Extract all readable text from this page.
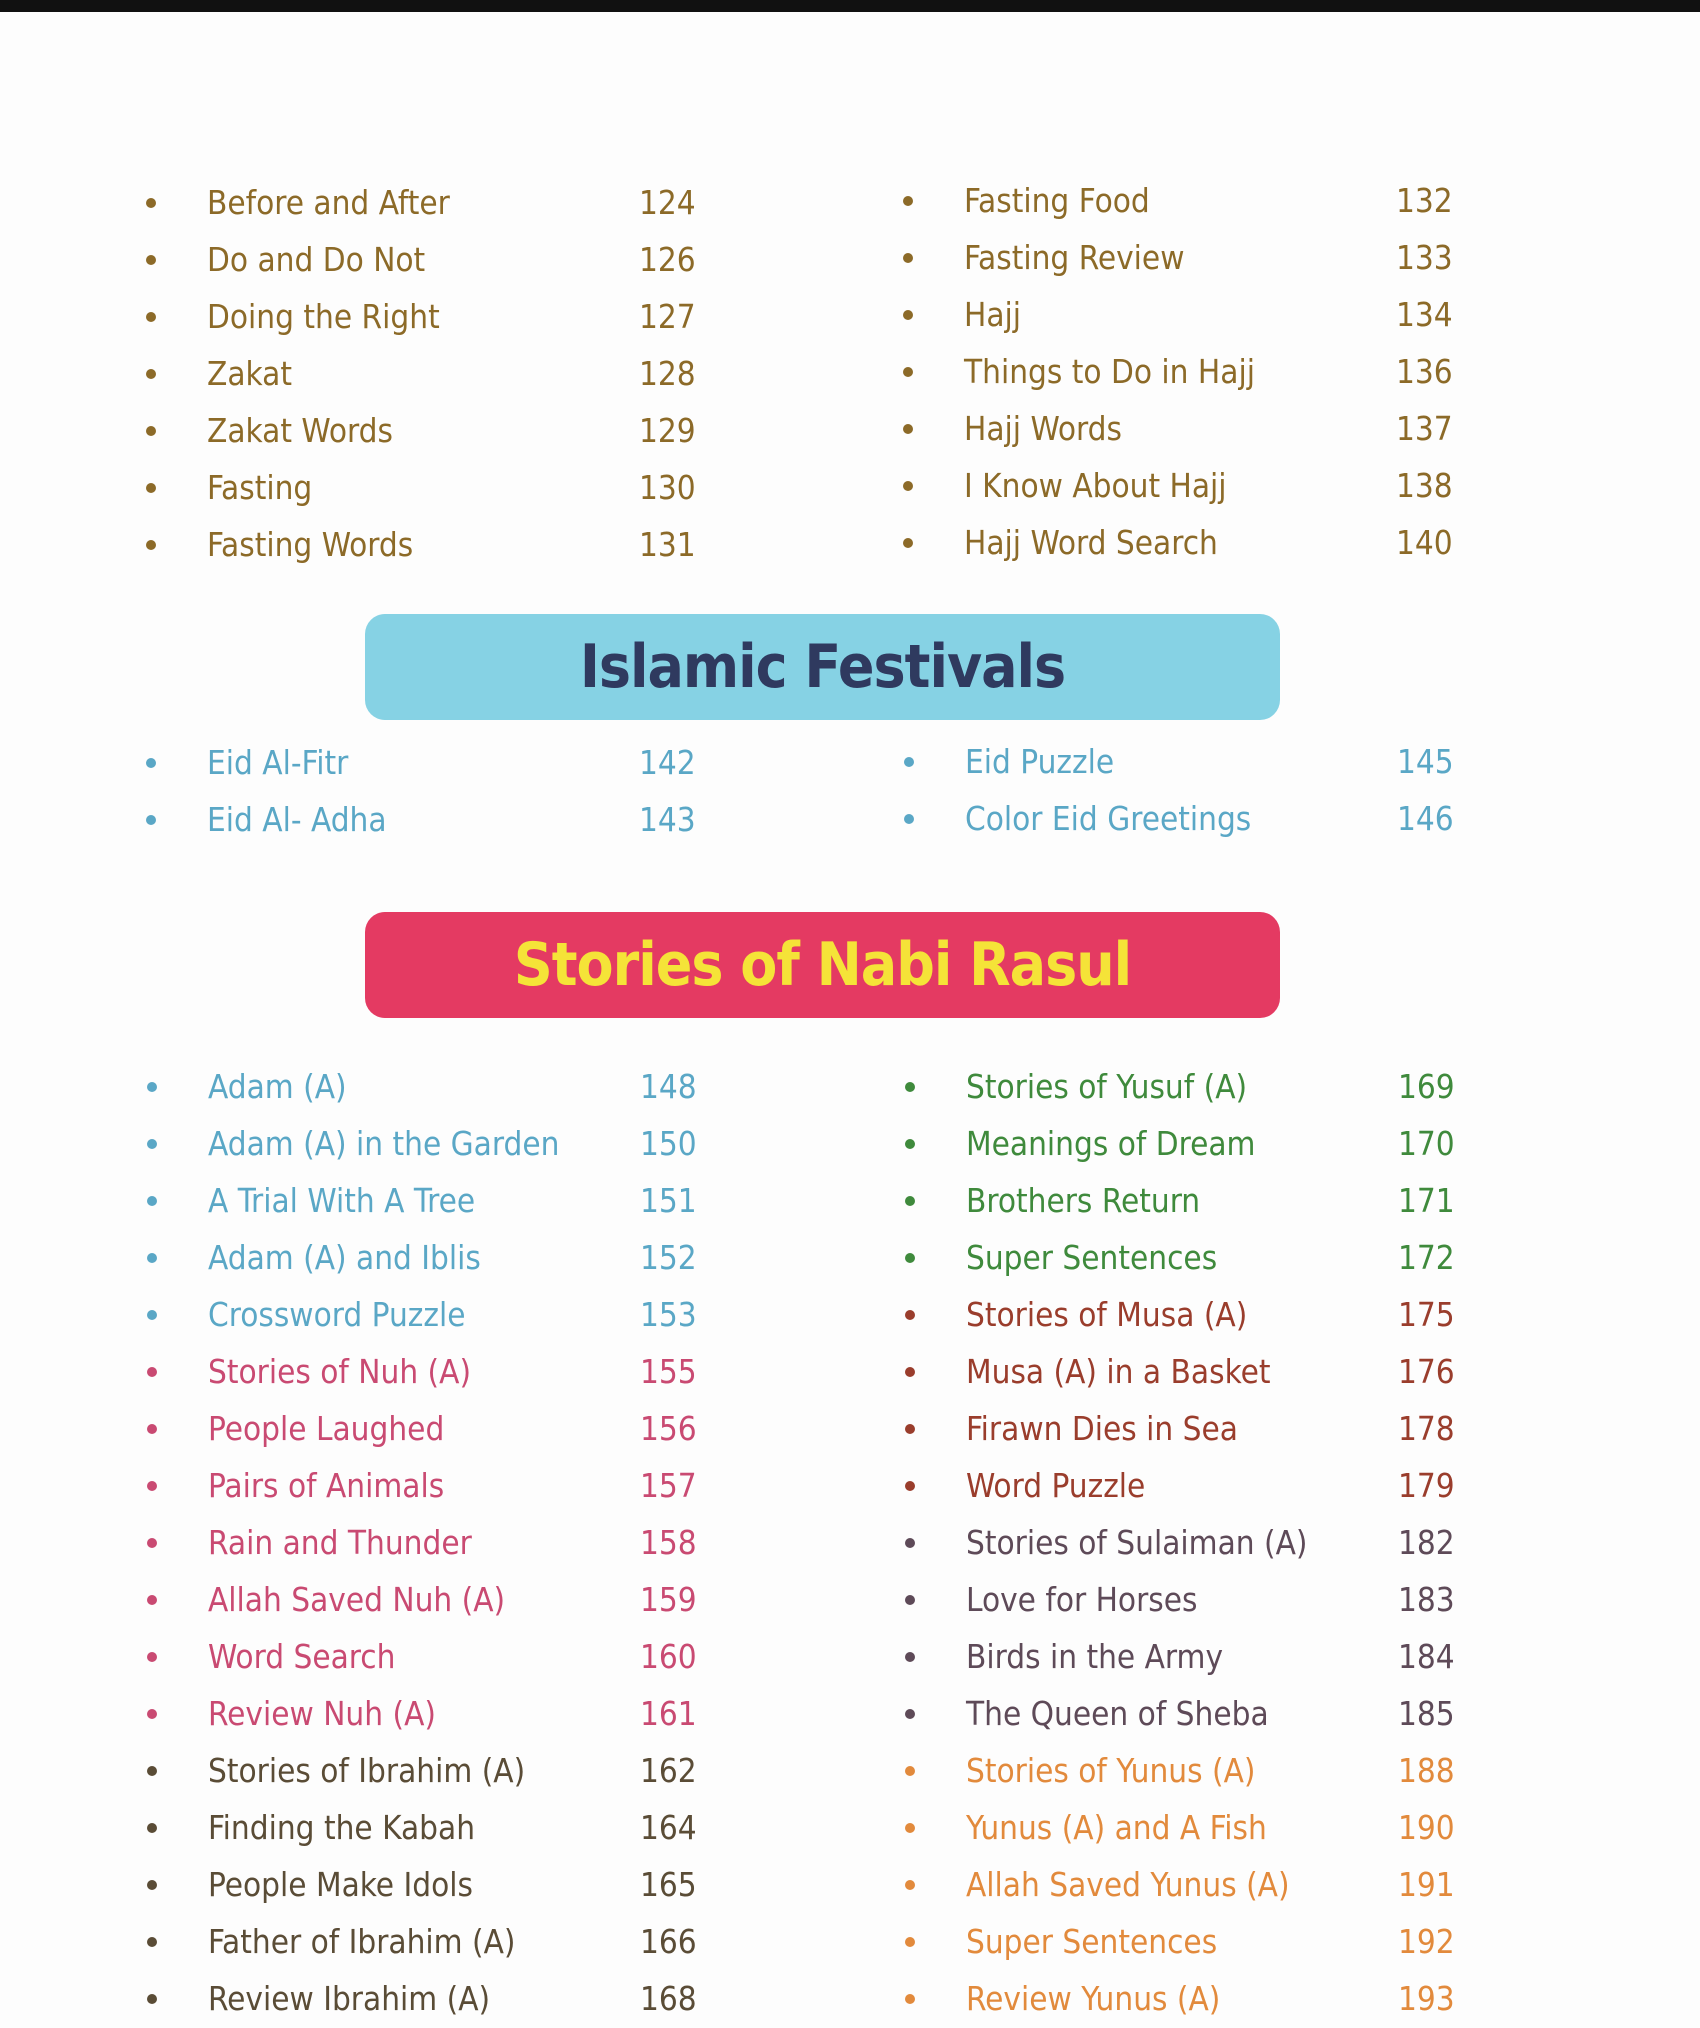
Before and After	124
Do and Do Not	126
Doing the Right	127
Zakat	128
Zakat Words	129
Fasting	130
Fasting Words	131
Fasting Food	132
Fasting Review	133
Hajj	134
Things to Do in Hajj	136
Hajj Words	137
I Know About Hajj	138
Hajj Word Search	140
Islamic Festivals
Eid Al-Fitr	142
Eid Al- Adha	143
Eid Puzzle	145
Color Eid Greetings	146
Stories of Nabi Rasul
Adam (A)	148
Adam (A) in the Garden 150
A Trial With A Tree	151
Adam (A) and Iblis	152
Crossword Puzzle	153
Stories of Nuh (A)	155
People Laughed	156
Pairs of Animals	157
Rain and Thunder	158
Allah Saved Nuh (A)	159
Word Search	160
Review Nuh (A)	161
Stories of Ibrahim (A)	162
Finding the Kabah	164
People Make Idols	165
Father of Ibrahim (A)	166
Review Ibrahim (A)	168
Stories of Yusuf (A)	169
Meanings of Dream	170
Brothers Return	171
Super Sentences	172
Stories of Musa (A)	175
Musa (A) in a Basket	176
Firawn Dies in Sea	178
Word Puzzle	179
Stories of Sulaiman (A)	182
Love for Horses	183
Birds in the Army	184
The Queen of Sheba	185
Stories of Yunus (A)	188
Yunus (A) and A Fish	190
Allah Saved Yunus (A)	191
Super Sentences	192
Review Yunus (A)	193
